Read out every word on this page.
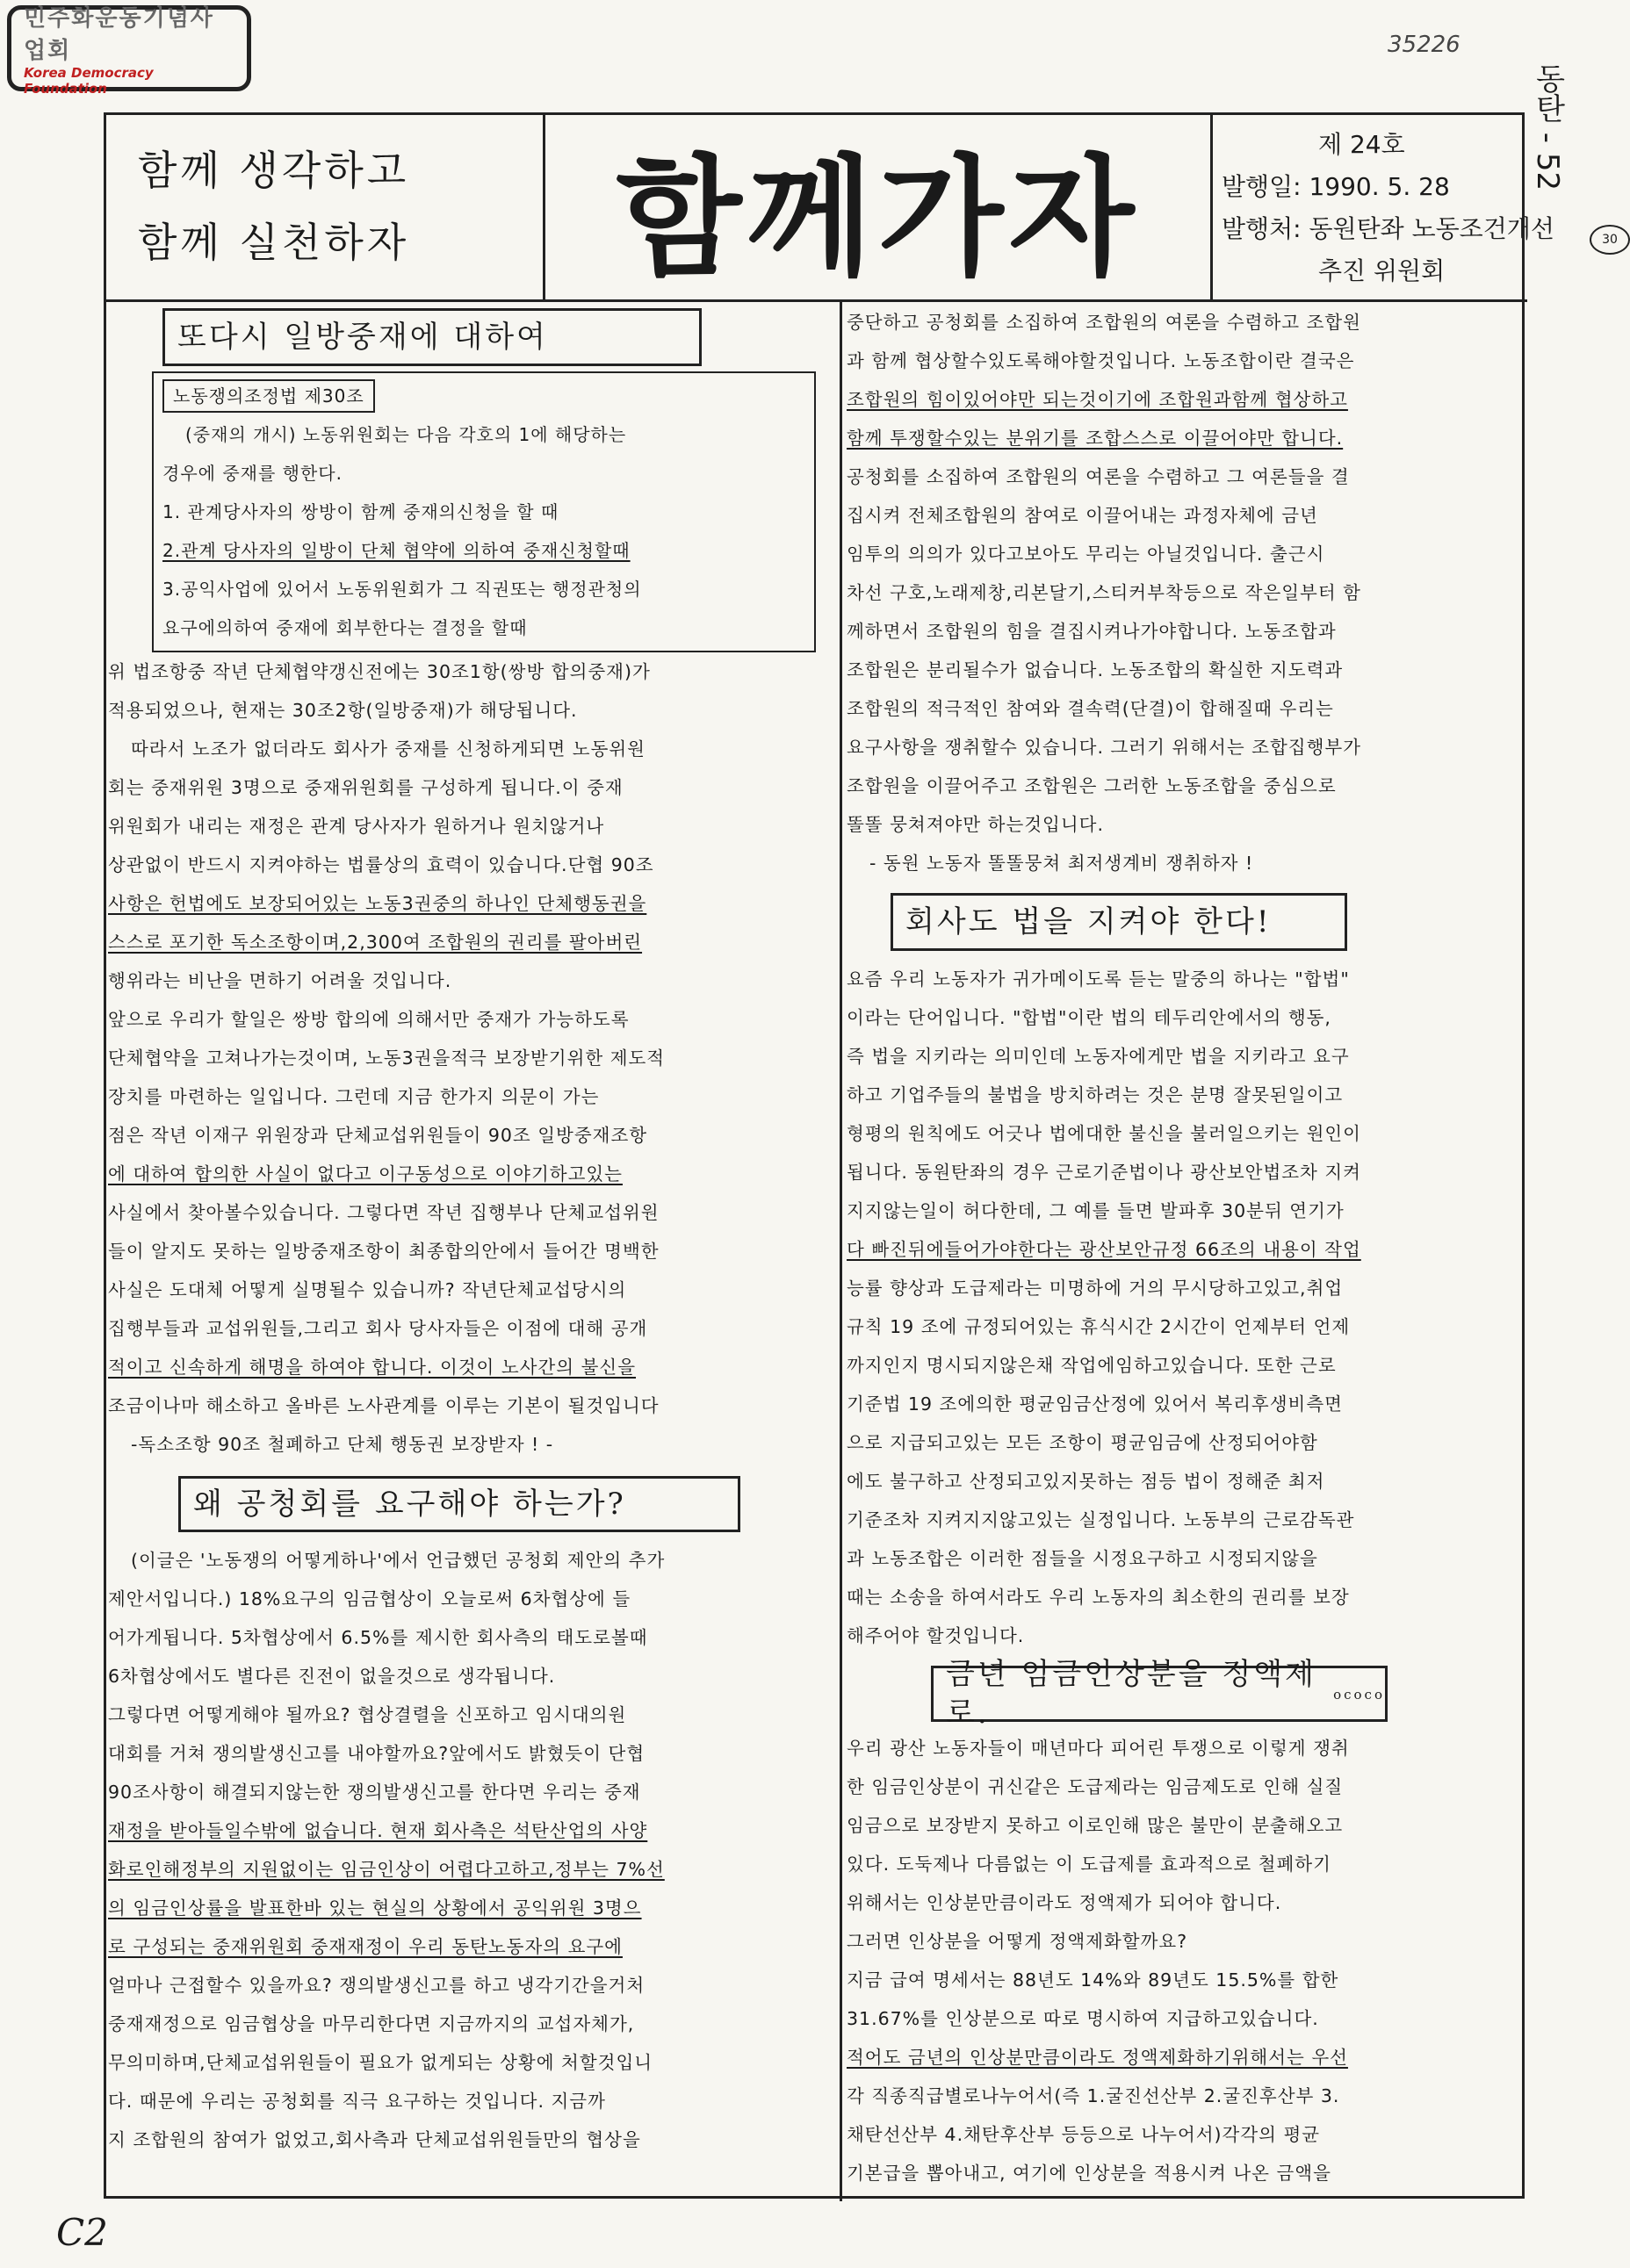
민주화운동기념사업회
Korea Democracy Foundation
35226
동탄 - 52
30
함께 생각하고
함께 실천하자	함께가자	제 24호
발행일: 1990. 5. 28
발행처: 동원탄좌 노동조건개선
추진 위원회
또다시 일방중재에 대하여
노동쟁의조정법 제30조

(중재의 개시) 노동위원회는 다음 각호의 1에 해당하는

경우에 중재를 행한다.

1. 관계당사자의 쌍방이 함께 중재의신청을 할 때

2.관계 당사자의 일방이 단체 협약에 의하여 중재신청할때

3.공익사업에 있어서 노동위원회가 그 직권또는 행정관청의

요구에의하여 중재에 회부한다는 결정을 할때

위 법조항중 작년 단체협약갱신전에는 30조1항(쌍방 합의중재)가

적용되었으나, 현재는 30조2항(일방중재)가 해당됩니다.

따라서 노조가 없더라도 회사가 중재를 신청하게되면 노동위원

회는 중재위원 3명으로 중재위원회를 구성하게 됩니다.이 중재

위원회가 내리는 재정은 관계 당사자가 원하거나 원치않거나

상관없이 반드시 지켜야하는 법률상의 효력이 있습니다.단협 90조

사항은 헌법에도 보장되어있는 노동3권중의 하나인 단체행동권을

스스로 포기한 독소조항이며,2,300여 조합원의 권리를 팔아버린

행위라는 비난을 면하기 어려울 것입니다.

앞으로 우리가 할일은 쌍방 합의에 의해서만 중재가 가능하도록

단체협약을 고쳐나가는것이며, 노동3권을적극 보장받기위한 제도적

장치를 마련하는 일입니다. 그런데 지금 한가지 의문이 가는

점은 작년 이재구 위원장과 단체교섭위원들이 90조 일방중재조항

에 대하여 합의한 사실이 없다고 이구동성으로 이야기하고있는

사실에서 찾아볼수있습니다. 그렇다면 작년 집행부나 단체교섭위원

들이 알지도 못하는 일방중재조항이 최종합의안에서 들어간 명백한

사실은 도대체 어떻게 실명될수 있습니까? 작년단체교섭당시의

집행부들과 교섭위원들,그리고 회사 당사자들은 이점에 대해 공개

적이고 신속하게 해명을 하여야 합니다. 이것이 노사간의 불신을

조금이나마 해소하고 올바른 노사관계를 이루는 기본이 될것입니다

-독소조항 90조 철폐하고 단체 행동권 보장받자 ! -

왜 공청회를 요구해야 하는가?

(이글은 '노동쟁의 어떻게하나'에서 언급했던 공청회 제안의 추가

제안서입니다.) 18%요구의 임금협상이 오늘로써 6차협상에 들

어가게됩니다. 5차협상에서 6.5%를 제시한 회사측의 태도로볼때

6차협상에서도 별다른 진전이 없을것으로 생각됩니다.

그렇다면 어떻게해야 될까요? 협상결렬을 신포하고 임시대의원

대회를 거쳐 쟁의발생신고를 내야할까요?앞에서도 밝혔듯이 단협

90조사항이 해결되지않는한 쟁의발생신고를 한다면 우리는 중재

재정을 받아들일수밖에 없습니다. 현재 회사측은 석탄산업의 사양

화로인해정부의 지원없이는 임금인상이 어렵다고하고,정부는 7%선

의 임금인상률을 발표한바 있는 현실의 상황에서 공익위원 3명으

로 구성되는 중재위원회 중재재정이 우리 동탄노동자의 요구에

얼마나 근접할수 있을까요? 쟁의발생신고를 하고 냉각기간을거처

중재재정으로 임금협상을 마무리한다면 지금까지의 교섭자체가,

무의미하며,단체교섭위원들이 필요가 없게되는 상황에 처할것입니

다. 때문에 우리는 공청회를 직극 요구하는 것입니다. 지금까

지 조합원의 참여가 없었고,회사측과 단체교섭위원들만의 협상을

중단하고 공청회를 소집하여 조합원의 여론을 수렴하고 조합원

과 함께 협상할수있도록해야할것입니다. 노동조합이란 결국은

조합원의 힘이있어야만 되는것이기에 조합원과함께 협상하고

함께 투쟁할수있는 분위기를 조합스스로 이끌어야만 합니다.

공청회를 소집하여 조합원의 여론을 수렴하고 그 여론들을 결

집시켜 전체조합원의 참여로 이끌어내는 과정자체에 금년

임투의 의의가 있다고보아도 무리는 아닐것입니다. 출근시

차선 구호,노래제창,리본달기,스티커부착등으로 작은일부터 함

께하면서 조합원의 힘을 결집시켜나가야합니다. 노동조합과

조합원은 분리될수가 없습니다. 노동조합의 확실한 지도력과

조합원의 적극적인 참여와 결속력(단결)이 합해질때 우리는

요구사항을 쟁취할수 있습니다. 그러기 위해서는 조합집행부가

조합원을 이끌어주고 조합원은 그러한 노동조합을 중심으로

똘똘 뭉쳐져야만 하는것입니다.

- 동원 노동자 똘똘뭉쳐 최저생계비 쟁취하자 !

회사도 법을 지켜야 한다!

요즘 우리 노동자가 귀가메이도록 듣는 말중의 하나는 "합법"

이라는 단어입니다. "합법"이란 법의 테두리안에서의 행동,

즉 법을 지키라는 의미인데 노동자에게만 법을 지키라고 요구

하고 기업주들의 불법을 방치하려는 것은 분명 잘못된일이고

형평의 원칙에도 어긋나 법에대한 불신을 불러일으키는 원인이

됩니다. 동원탄좌의 경우 근로기준법이나 광산보안법조차 지켜

지지않는일이 허다한데, 그 예를 들면 발파후 30분뒤 연기가

다 빠진뒤에들어가야한다는 광산보안규정 66조의 내용이 작업

능률 향상과 도급제라는 미명하에 거의 무시당하고있고,취업

규칙 19 조에 규정되어있는 휴식시간 2시간이 언제부터 언제

까지인지 명시되지않은채 작업에임하고있습니다. 또한 근로

기준법 19 조에의한 평균임금산정에 있어서 복리후생비측면

으로 지급되고있는 모든 조항이 평균임금에 산정되어야함

에도 불구하고 산정되고있지못하는 점등 법이 정해준 최저

기준조차 지켜지지않고있는 실정입니다. 노동부의 근로감독관

과 노동조합은 이러한 점들을 시정요구하고 시정되지않을

때는 소송을 하여서라도 우리 노동자의 최소한의 권리를 보장

해주어야 할것입니다.

금년 임금인상분을 정액제로.
ococo

우리 광산 노동자들이 매년마다 피어린 투쟁으로 이렇게 쟁취

한 임금인상분이 귀신같은 도급제라는 임금제도로 인해 실질

임금으로 보장받지 못하고 이로인해 많은 불만이 분출해오고

있다. 도둑제나 다름없는 이 도급제를 효과적으로 철폐하기

위해서는 인상분만큼이라도 정액제가 되어야 합니다.

그러면 인상분을 어떻게 정액제화할까요?

지금 급여 명세서는 88년도 14%와 89년도 15.5%를 합한

31.67%를 인상분으로 따로 명시하여 지급하고있습니다.

적어도 금년의 인상분만큼이라도 정액제화하기위해서는 우선

각 직종직급별로나누어서(즉 1.굴진선산부 2.굴진후산부 3.

채탄선산부 4.채탄후산부 등등으로 나누어서)각각의 평균

기본급을 뽑아내고, 여기에 인상분을 적용시켜 나온 금액을

C2
